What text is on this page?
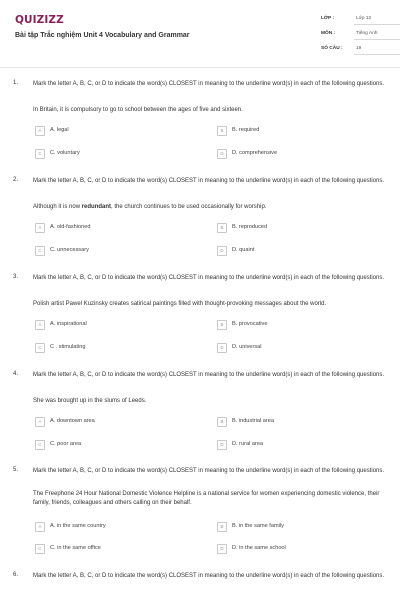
QUIZIZZ
Bài tập Trắc nghiệm Unit 4 Vocabulary and Grammar
LỚP :	Lớp 12
MÔN :	Tiếng Anh
SỐ CÂU :	19
1. Mark the letter A, B, C, or D to indicate the word(s) CLOSEST in meaning to the underline word(s) in each of the following questions.
In Britain, it is compulsory to go to school between the ages of five and sixteen.
A	A. legal	B	B. required
C	C. voluntary	D	D. comprehensive
2. Mark the letter A, B, C, or D to indicate the word(s) CLOSEST in meaning to the underline word(s) in each of the following questions.
Although it is now redundant, the church continues to be used occasionally for worship.
A	A. old-fashioned	B	B. reproduced
C	C. unnecessary	D	D. quaint
3. Mark the letter A, B, C, or D to indicate the word(s) CLOSEST in meaning to the underline word(s) in each of the following questions.
Polish artist Pawel Kuzinsky creates satirical paintings filled with thought-provoking messages about the world.
A	A. inspirational	B	B. provocative
C	C . stimulating	D	D. universal
4. Mark the letter A, B, C, or D to indicate the word(s) CLOSEST in meaning to the underline word(s) in each of the following questions.
She was brought up in the slums of Leeds.
A	A. downtown area	B	B. industrial area
C	C. poor area	D	D. rural area
5. Mark the letter A, B, C, or D to indicate the word(s) CLOSEST in meaning to the underline word(s) in each of the following questions.
The Freephone 24 Hour National Domestic Violence Helpline is a national service for women experiencing domestic violence, their family, friends, colleagues and others calling on their behalf.
A	A. in the same country	B	B. in the same family
C	C. in the same office	D	D. in the same school
6. Mark the letter A, B, C, or D to indicate the word(s) CLOSEST in meaning to the underline word(s) in each of the following questions.
